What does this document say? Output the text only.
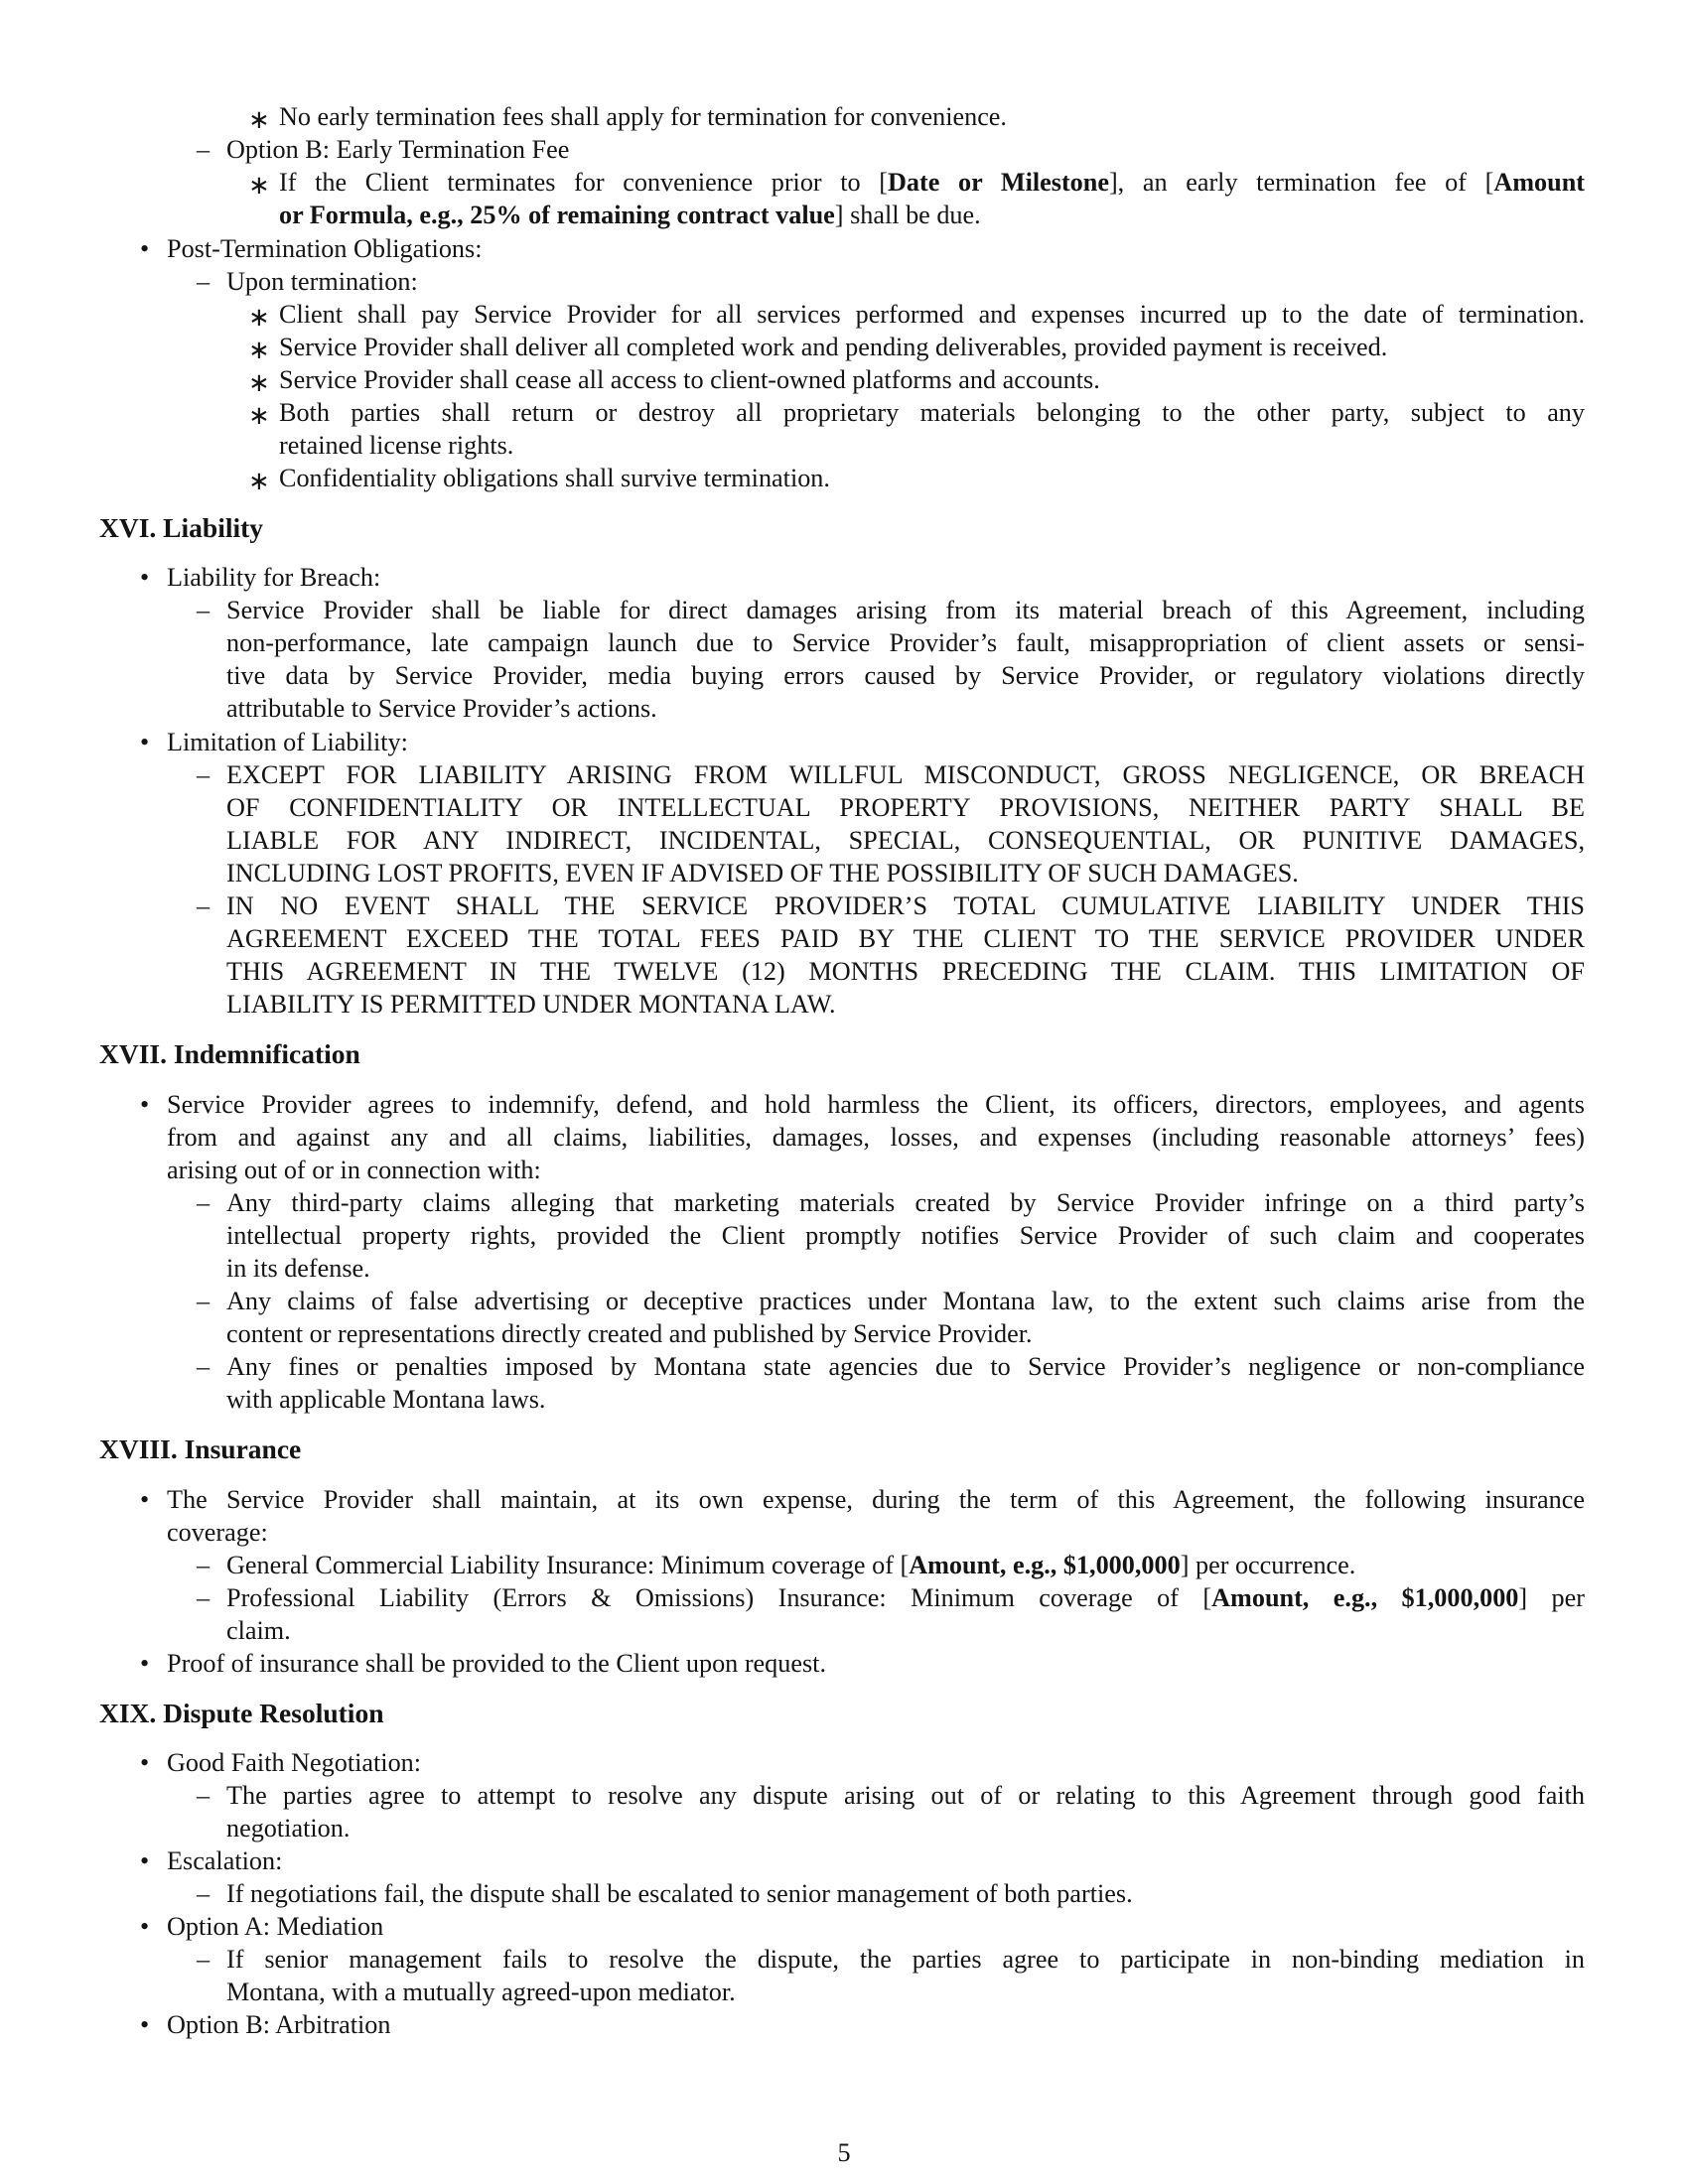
∗ No early termination fees shall apply for termination for convenience.
– Option B: Early Termination Fee
∗ If the Client terminates for convenience prior to [Date or Milestone], an early termination fee of [Amount
or Formula, e.g., 25% of remaining contract value] shall be due.
• Post-Termination Obligations:
– Upon termination:
∗ Client shall pay Service Provider for all services performed and expenses incurred up to the date of termination.
∗ Service Provider shall deliver all completed work and pending deliverables, provided payment is received.
∗ Service Provider shall cease all access to client-owned platforms and accounts.
∗ Both parties shall return or destroy all proprietary materials belonging to the other party, subject to any
retained license rights.
∗ Confidentiality obligations shall survive termination.
XVI. Liability
• Liability for Breach:
– Service Provider shall be liable for direct damages arising from its material breach of this Agreement, including
non-performance, late campaign launch due to Service Provider’s fault, misappropriation of client assets or sensi-
tive data by Service Provider, media buying errors caused by Service Provider, or regulatory violations directly
attributable to Service Provider’s actions.
• Limitation of Liability:
– EXCEPT FOR LIABILITY ARISING FROM WILLFUL MISCONDUCT, GROSS NEGLIGENCE, OR BREACH
OF CONFIDENTIALITY OR INTELLECTUAL PROPERTY PROVISIONS, NEITHER PARTY SHALL BE
LIABLE FOR ANY INDIRECT, INCIDENTAL, SPECIAL, CONSEQUENTIAL, OR PUNITIVE DAMAGES,
INCLUDING LOST PROFITS, EVEN IF ADVISED OF THE POSSIBILITY OF SUCH DAMAGES.
– IN NO EVENT SHALL THE SERVICE PROVIDER’S TOTAL CUMULATIVE LIABILITY UNDER THIS
AGREEMENT EXCEED THE TOTAL FEES PAID BY THE CLIENT TO THE SERVICE PROVIDER UNDER
THIS AGREEMENT IN THE TWELVE (12) MONTHS PRECEDING THE CLAIM. THIS LIMITATION OF
LIABILITY IS PERMITTED UNDER MONTANA LAW.
XVII. Indemnification
• Service Provider agrees to indemnify, defend, and hold harmless the Client, its officers, directors, employees, and agents
from and against any and all claims, liabilities, damages, losses, and expenses (including reasonable attorneys’ fees)
arising out of or in connection with:
– Any third-party claims alleging that marketing materials created by Service Provider infringe on a third party’s
intellectual property rights, provided the Client promptly notifies Service Provider of such claim and cooperates
in its defense.
– Any claims of false advertising or deceptive practices under Montana law, to the extent such claims arise from the
content or representations directly created and published by Service Provider.
– Any fines or penalties imposed by Montana state agencies due to Service Provider’s negligence or non-compliance
with applicable Montana laws.
XVIII. Insurance
• The Service Provider shall maintain, at its own expense, during the term of this Agreement, the following insurance
coverage:
– General Commercial Liability Insurance: Minimum coverage of [Amount, e.g., $1,000,000] per occurrence.
– Professional Liability (Errors & Omissions) Insurance: Minimum coverage of [Amount, e.g., $1,000,000] per
claim.
• Proof of insurance shall be provided to the Client upon request.
XIX. Dispute Resolution
• Good Faith Negotiation:
– The parties agree to attempt to resolve any dispute arising out of or relating to this Agreement through good faith
negotiation.
• Escalation:
– If negotiations fail, the dispute shall be escalated to senior management of both parties.
• Option A: Mediation
– If senior management fails to resolve the dispute, the parties agree to participate in non-binding mediation in
Montana, with a mutually agreed-upon mediator.
• Option B: Arbitration
5
